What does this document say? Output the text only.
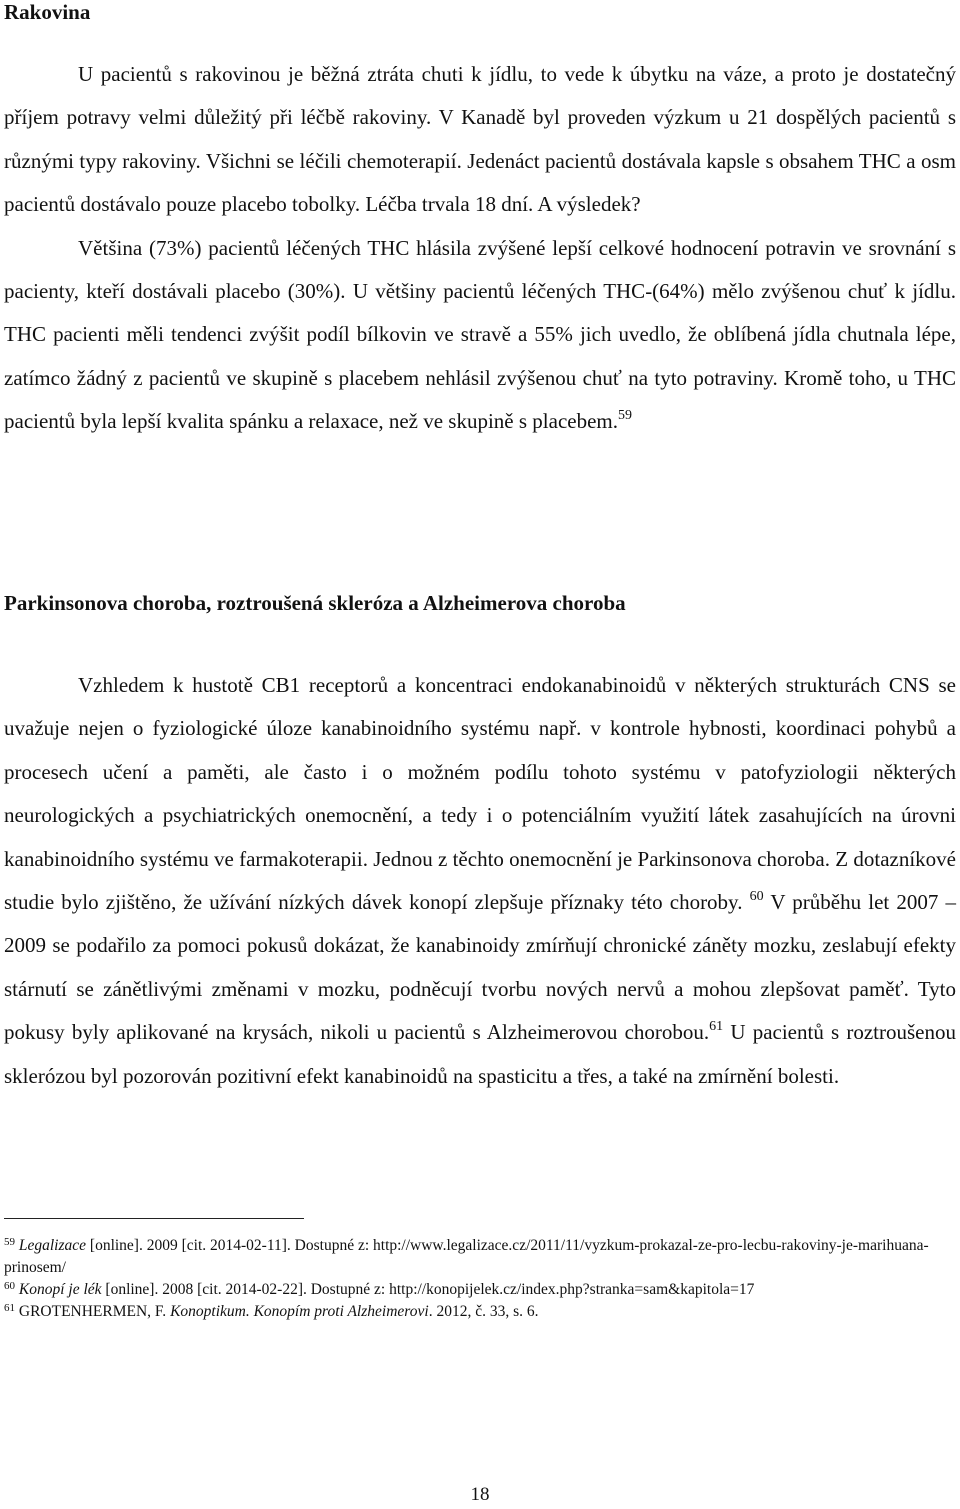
Rakovina

U pacientů s rakovinou je běžná ztráta chuti k jídlu, to vede k úbytku na váze, a proto je dostatečný příjem potravy velmi důležitý při léčbě rakoviny. V Kanadě byl proveden výzkum u 21 dospělých pacientů s různými typy rakoviny. Všichni se léčili chemoterapií. Jedenáct pacientů dostávala kapsle s obsahem THC a osm pacientů dostávalo pouze placebo tobolky. Léčba trvala 18 dní. A výsledek?
Většina (73%) pacientů léčených THC hlásila zvýšené lepší celkové hodnocení potravin ve srovnání s pacienty, kteří dostávali placebo (30%). U většiny pacientů léčených THC-(64%) mělo zvýšenou chuť k jídlu. THC pacienti měli tendenci zvýšit podíl bílkovin ve stravě a 55% jich uvedlo, že oblíbená jídla chutnala lépe, zatímco žádný z pacientů ve skupině s placebem nehlásil zvýšenou chuť na tyto potraviny. Kromě toho, u THC pacientů byla lepší kvalita spánku a relaxace, než ve skupině s placebem.$^{59}$

Parkinsonova choroba, roztroušená skleróza a Alzheimerova choroba

Vzhledem k hustotě CB1 receptorů a koncentraci endokanabinoidů v některých strukturách CNS se uvažuje nejen o fyziologické úloze kanabinoidního systému např. v kontrole hybnosti, koordinaci pohybů a procesech učení a paměti, ale často i o možném podílu tohoto systému v patofyziologii některých neurologických a psychiatrických onemocnění, a tedy i o potenciálním využití látek zasahujících na úrovni kanabinoidního systému ve farmakoterapii. Jednou z těchto onemocnění je Parkinsonova choroba. Z dotazníkové studie bylo zjištěno, že užívání nízkých dávek konopí zlepšuje příznaky této choroby. $^{60}$ V průběhu let 2007 – 2009 se podařilo za pomoci pokusů dokázat, že kanabinoidy zmírňují chronické záněty mozku, zeslabují efekty stárnutí se zánětlivými změnami v mozku, podněcují tvorbu nových nervů a mohou zlepšovat paměť. Tyto pokusy byly aplikované na krysách, nikoli u pacientů s Alzheimerovou chorobou.$^{61}$ U pacientů s roztroušenou sklerózou byl pozorován pozitivní efekt kanabinoidů na spasticitu a třes, a také na zmírnění bolesti.

$^{59}$ Legalizace [online]. 2009 [cit. 2014-02-11]. Dostupné z: http://www.legalizace.cz/2011/11/vyzkum-prokazal-ze-pro-lecbu-rakoviny-je-marihuana-prinosem/

$^{60}$ Konopí je lék [online]. 2008 [cit. 2014-02-22]. Dostupné z: http://konopijelek.cz/index.php?stranka=sam&kapitola=17

$^{61}$ GROTENHERMEN, F. Konoptikum. Konopím proti Alzheimerovi. 2012, č. 33, s. 6.

18
